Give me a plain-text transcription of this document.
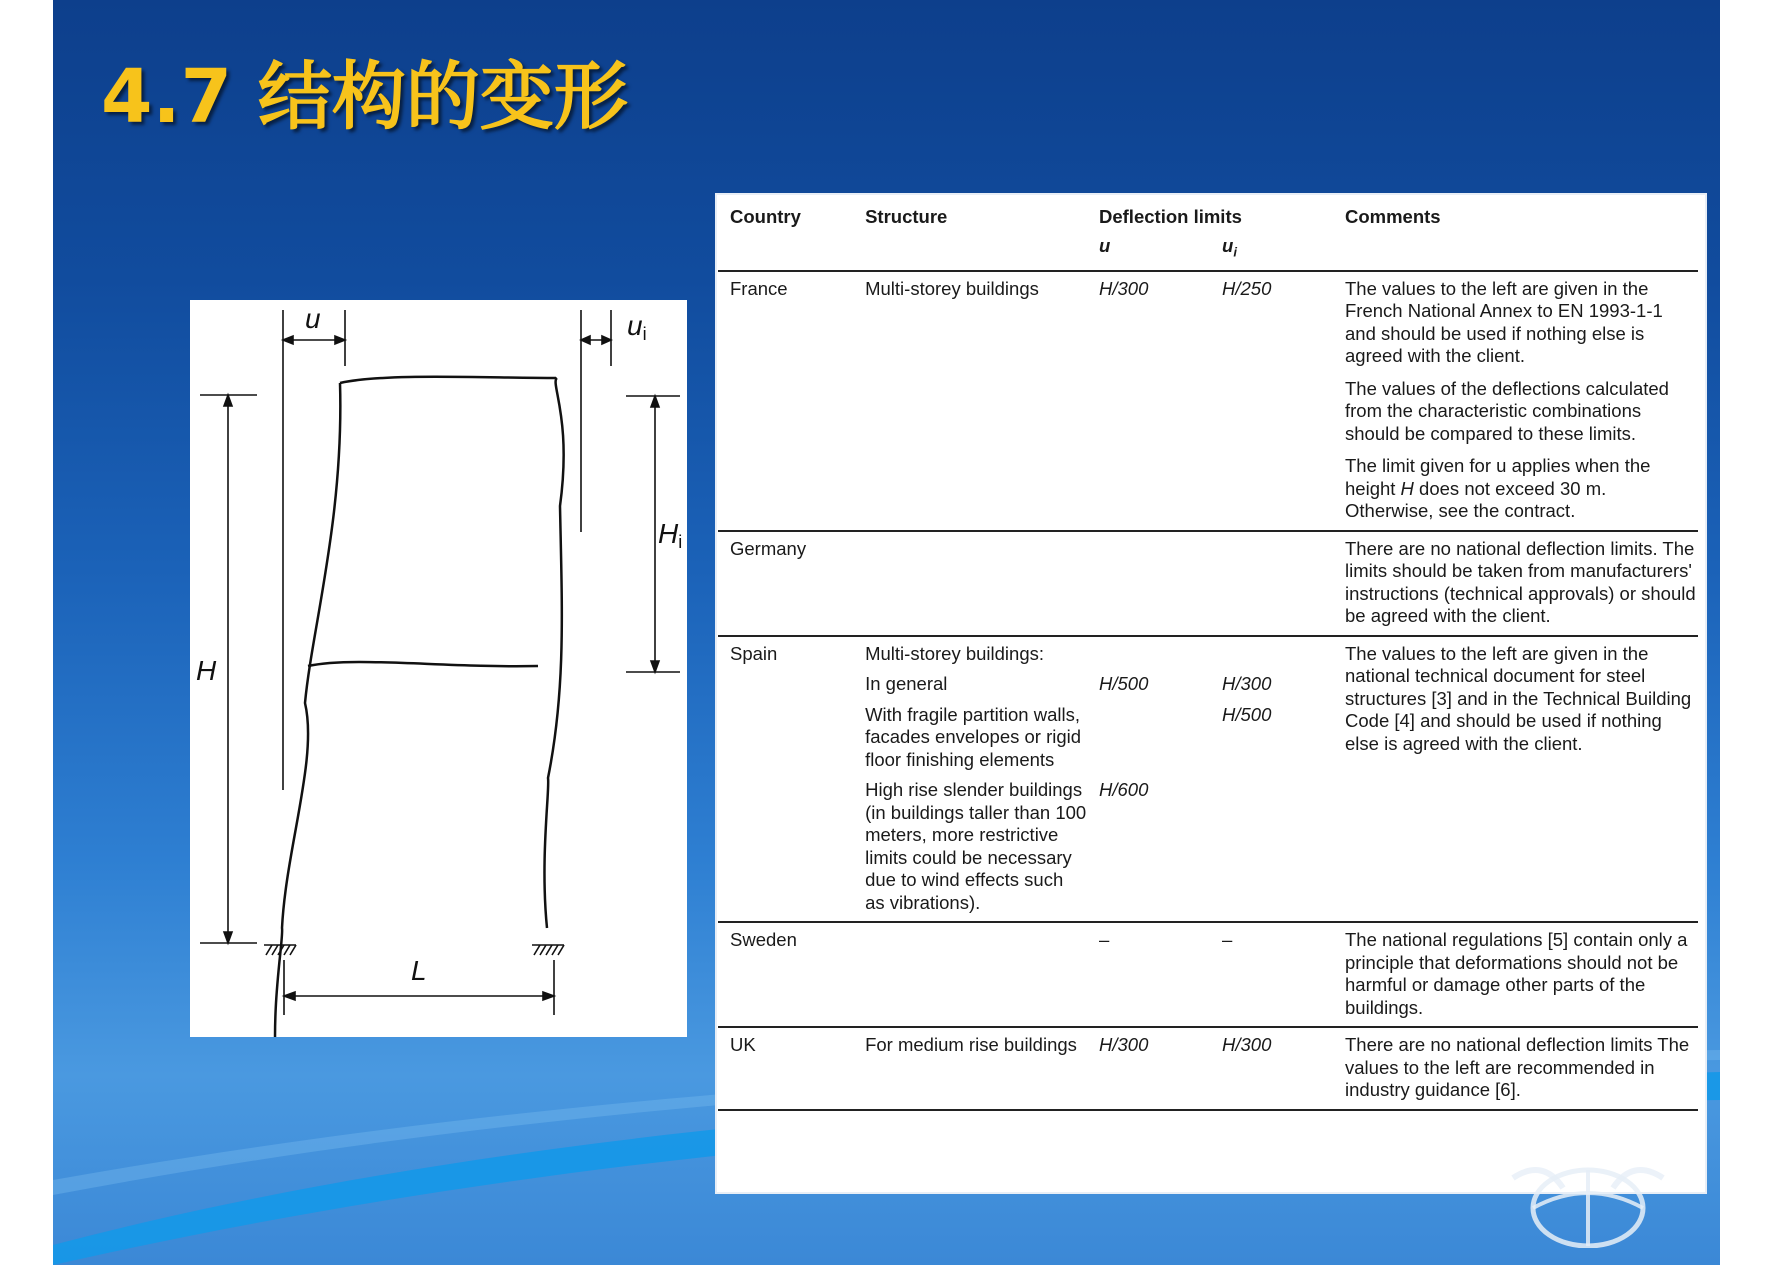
4.7 结构的变形
u	ui
H
Hi
L
Country	Structure	Deflection limits		Comments
		u	$u_i$	
France	Multi-storey buildings	H/300	H/250	The values to the left are given in the French National Annex to EN 1993-1-1 and should be used if nothing else is agreed with the client.
The values of the deflections calculated from the characteristic combinations should be compared to these limits.
The limit given for u applies when the height H does not exceed 30 m. Otherwise, see the contract.

Germany				There are no national deflection limits. The limits should be taken from manufacturers' instructions (technical approvals) or should be agreed with the client.
Spain	Multi-storey buildings:			The values to the left are given in the national technical document for steel structures [3] and in the Technical Building Code [4] and should be used if nothing else is agreed with the client.
	In general	H/500	H/300	
	With fragile partition walls, facades envelopes or rigid floor finishing elements		H/500	
	High rise slender buildings (in buildings taller than 100 meters, more restrictive limits could be necessary due to wind effects such as vibrations).	H/600		
Sweden		–	–	The national regulations [5] contain only a principle that deformations should not be harmful or damage other parts of the buildings.
UK	For medium rise buildings	H/300	H/300	There are no national deflection limits The values to the left are recommended in industry guidance [6].
